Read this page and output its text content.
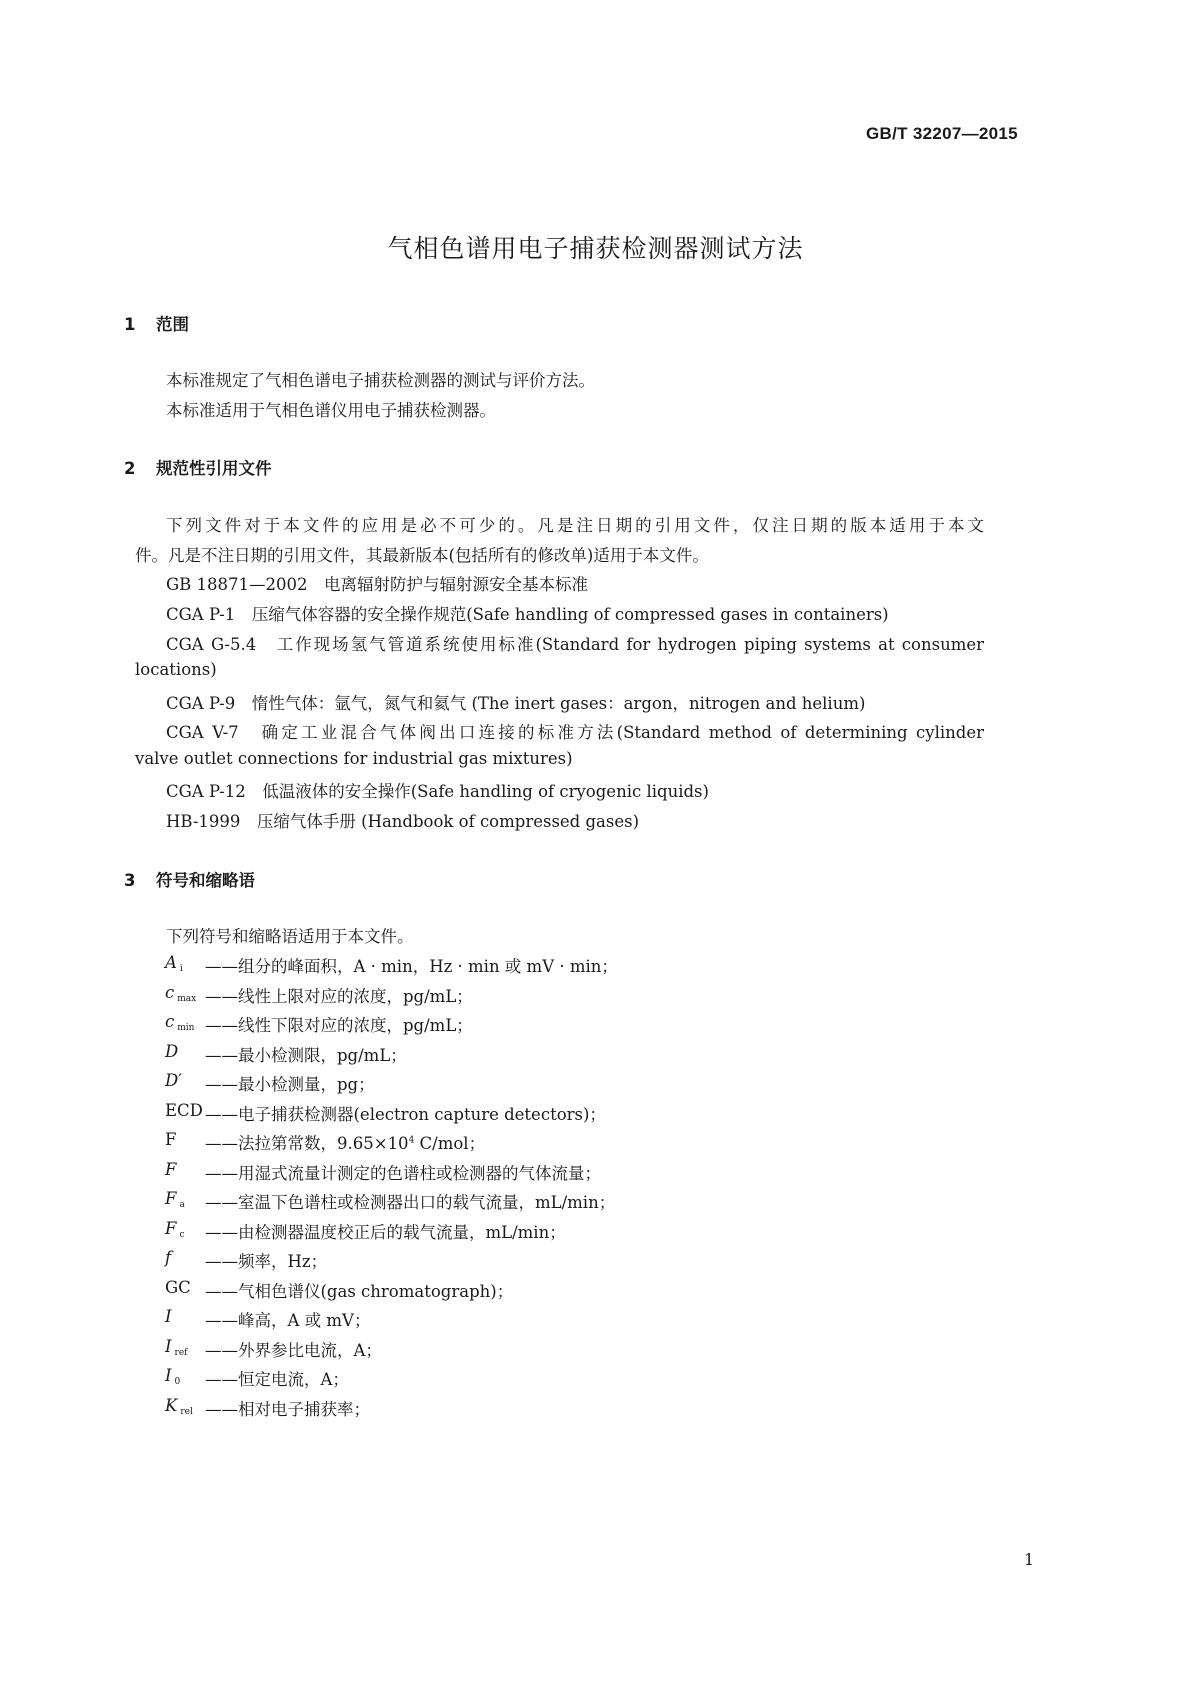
GB/T 32207—2015
气相色谱用电子捕获检测器测试方法
1 范围
本标准规定了气相色谱电子捕获检测器的测试与评价方法。
本标准适用于气相色谱仪用电子捕获检测器。
2 规范性引用文件
下列文件对于本文件的应用是必不可少的。凡是注日期的引用文件，仅注日期的版本适用于本文
件。凡是不注日期的引用文件，其最新版本(包括所有的修改单)适用于本文件。
GB 18871—2002　电离辐射防护与辐射源安全基本标准
CGA P-1　压缩气体容器的安全操作规范(Safe handling of compressed gases in containers)
CGA G-5.4　工作现场氢气管道系统使用标准(Standard for hydrogen piping systems at consumer
locations)
CGA P-9　惰性气体：氩气，氮气和氦气 (The inert gases：argon，nitrogen and helium)
CGA V-7　确定工业混合气体阀出口连接的标准方法(Standard method of determining cylinder
valve outlet connections for industrial gas mixtures)
CGA P-12　低温液体的安全操作(Safe handling of cryogenic liquids)
HB-1999　压缩气体手册 (Handbook of compressed gases)
3 符号和缩略语
下列符号和缩略语适用于本文件。
A $_i$	——组分的峰面积，A · min，Hz · min 或 mV · min；
c $_{max}$ ——线性上限对应的浓度，pg/mL；
c $_{min}$ ——线性下限对应的浓度，pg/mL；
D	——最小检测限，pg/mL；
D′	——最小检测量，pg；
ECD ——电子捕获检测器(electron capture detectors)；
F	——法拉第常数，$9.65\times 10^4$ C/mol；
F	——用湿式流量计测定的色谱柱或检测器的气体流量；
F $_a$	——室温下色谱柱或检测器出口的载气流量，mL/min；
F $_c$	——由检测器温度校正后的载气流量，mL/min；
f	——频率，Hz；
GC ——气相色谱仪(gas chromatograph)；
I	——峰高，A 或 mV；
I $_{ref}$	——外界参比电流，A；
I $_0$	——恒定电流，A；
K $_{rel}$ ——相对电子捕获率；
1
